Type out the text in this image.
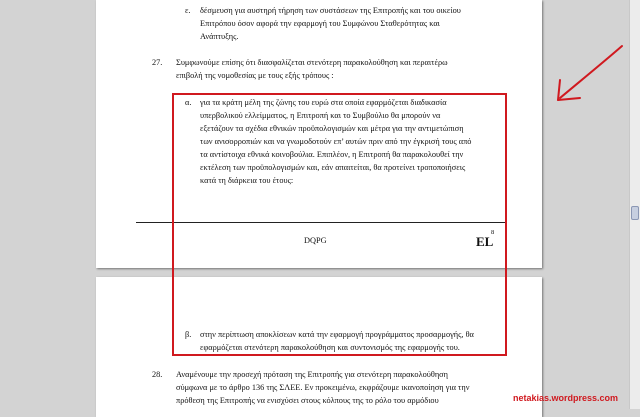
ε. δέσμευση για αυστηρή τήρηση των συστάσεων της Επιτροπής και του οικείου
Επιτρόπου όσον αφορά την εφαρμογή του Συμφώνου Σταθερότητας και
Ανάπτυξης.
27. Συμφωνούμε επίσης ότι διασφαλίζεται στενότερη παρακολούθηση και περαιτέρω
επιβολή της νομοθεσίας με τους εξής τρόπους :
α. για τα κράτη μέλη της ζώνης του ευρώ στα οποία εφαρμόζεται διαδικασία
υπερβολικού ελλείμματος, η Επιτροπή και το Συμβούλιο θα μπορούν να
εξετάζουν τα σχέδια εθνικών προϋπολογισμών και μέτρα για την αντιμετώπιση
των ανισορροπιών και να γνωμοδοτούν επ’ αυτών πριν από την έγκρισή τους από
τα αντίστοιχα εθνικά κοινοβούλια. Επιπλέον, η Επιτροπή θα παρακολουθεί την
εκτέλεση των προϋπολογισμών και, εάν απαιτείται, θα προτείνει τροποποιήσεις
κατά τη διάρκεια του έτους:
8
DQPG	EL
β. στην περίπτωση αποκλίσεων κατά την εφαρμογή προγράμματος προσαρμογής, θα
εφαρμόζεται στενότερη παρακολούθηση και συντονισμός της εφαρμογής του.
28. Αναμένουμε την προσεχή πρόταση της Επιτροπής για στενότερη παρακολούθηση
σύμφωνα με το άρθρο 136 της ΣΛΕΕ. Εν προκειμένω, εκφράζουμε ικανοποίηση για την
πρόθεση της Επιτροπής να ενισχύσει στους κόλπους της το ρόλο του αρμόδιου	netakias.wordpress.com
